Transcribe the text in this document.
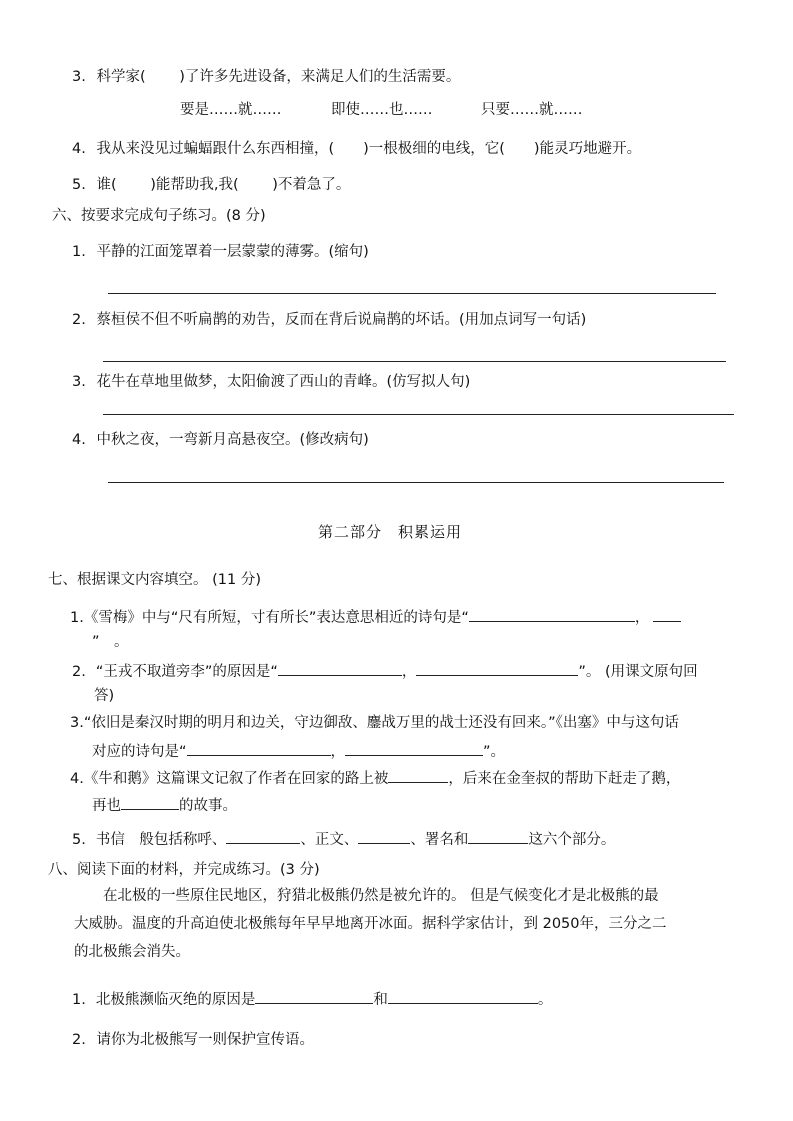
3. 科学家(　　 )了许多先进设备，来满足人们的生活需要。
要是……就……	即使……也……	只要……就……
4. 我从来没见过蝙蝠跟什么东西相撞，(　　)一根极细的电线，它(　　)能灵巧地避开。
5. 谁(　　 )能帮助我,我(　　 )不着急了。
六、按要求完成句子练习。(8 分)
1. 平静的江面笼罩着一层蒙蒙的薄雾。(缩句)
2. 蔡桓侯不但不听扁鹊的劝告，反而在背后说扁鹊的坏话。(用加点词写一句话)
3. 花牛在草地里做梦，太阳偷渡了西山的青峰。(仿写拟人句)
4. 中秋之夜，一弯新月高悬夜空。(修改病句)
第二部分　积累运用
七、根据课文内容填空。 (11 分)
1.《雪梅》中与“尺有所短，寸有所长”表达意思相近的诗句是“	，
”　。
2. “王戎不取道旁李”的原因是“	，	”。 (用课文原句回
答)
3.“依旧是秦汉时期的明月和边关，守边御敌、鏖战万里的战士还没有回来。”《出塞》中与这句话
对应的诗句是“	，	”。
4.《牛和鹅》这篇课文记叙了作者在回家的路上被	，后来在金奎叔的帮助下赶走了鹅，
再也	的故事。
5. 书信　般包括称呼、	、正文、	、署名和	这六个部分。
八、阅读下面的材料，并完成练习。(3 分)
　　在北极的一些原住民地区，狩猎北极熊仍然是被允许的。 但是气候变化才是北极熊的最
大威胁。温度的升高迫使北极熊每年早早地离开冰面。据科学家估计，到 2050年，三分之二
的北极熊会消失。
1. 北极熊濒临灭绝的原因是	和	。
2. 请你为北极熊写一则保护宣传语。
